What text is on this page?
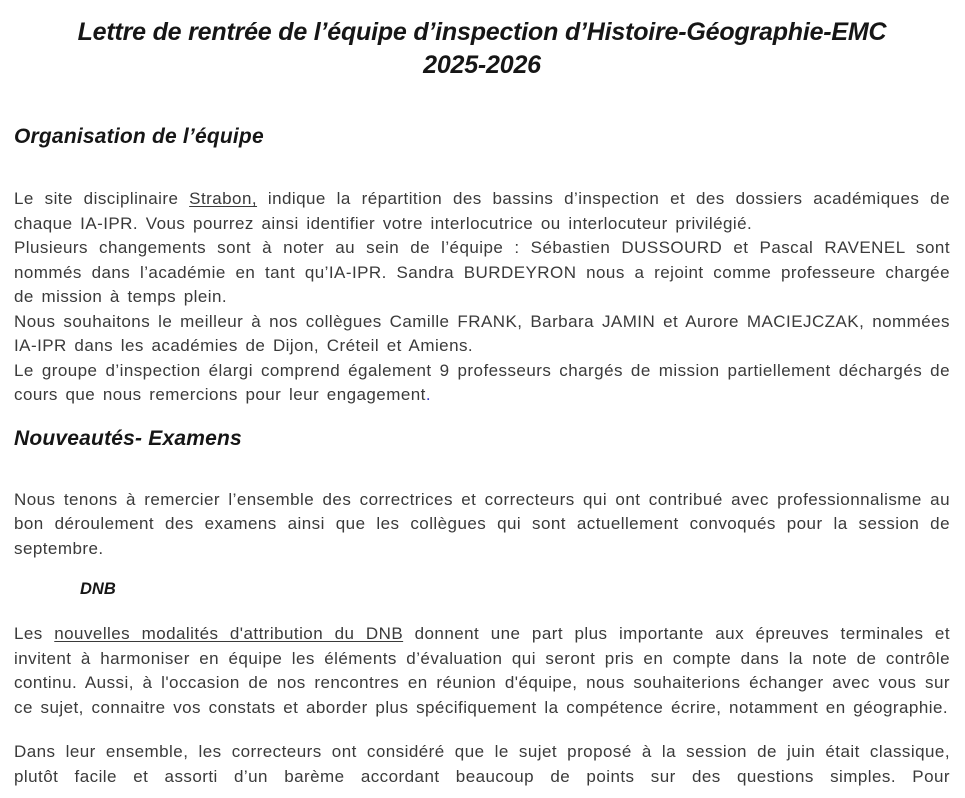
Lettre de rentrée de l’équipe d’inspection d’Histoire-Géographie-EMC
2025-2026
Organisation de l’équipe

Le site disciplinaire Strabon, indique la répartition des bassins d’inspection et des dossiers académiques de chaque IA-IPR. Vous pourrez ainsi identifier votre interlocutrice ou interlocuteur privilégié.

Plusieurs changements sont à noter au sein de l’équipe : Sébastien DUSSOURD et Pascal RAVENEL sont nommés dans l’académie en tant qu’IA-IPR. Sandra BURDEYRON nous a rejoint comme professeure chargée de mission à temps plein.

Nous souhaitons le meilleur à nos collègues Camille FRANK, Barbara JAMIN et Aurore MACIEJCZAK, nommées IA-IPR dans les académies de Dijon, Créteil et Amiens.

Le groupe d’inspection élargi comprend également 9 professeurs chargés de mission partiellement déchargés de cours que nous remercions pour leur engagement.

Nouveautés- Examens

Nous tenons à remercier l’ensemble des correctrices et correcteurs qui ont contribué avec professionnalisme au bon déroulement des examens ainsi que les collègues qui sont actuellement convoqués pour la session de septembre.

DNB

Les nouvelles modalités d'attribution du DNB donnent une part plus importante aux épreuves terminales et invitent à harmoniser en équipe les éléments d’évaluation qui seront pris en compte dans la note de contrôle continu. Aussi, à l'occasion de nos rencontres en réunion d'équipe, nous souhaiterions échanger avec vous sur ce sujet, connaitre vos constats et aborder plus spécifiquement la compétence écrire, notamment en géographie.

Dans leur ensemble, les correcteurs ont considéré que le sujet proposé à la session de juin était classique, plutôt facile et assorti d’un barème accordant beaucoup de points sur des questions simples. Pour
